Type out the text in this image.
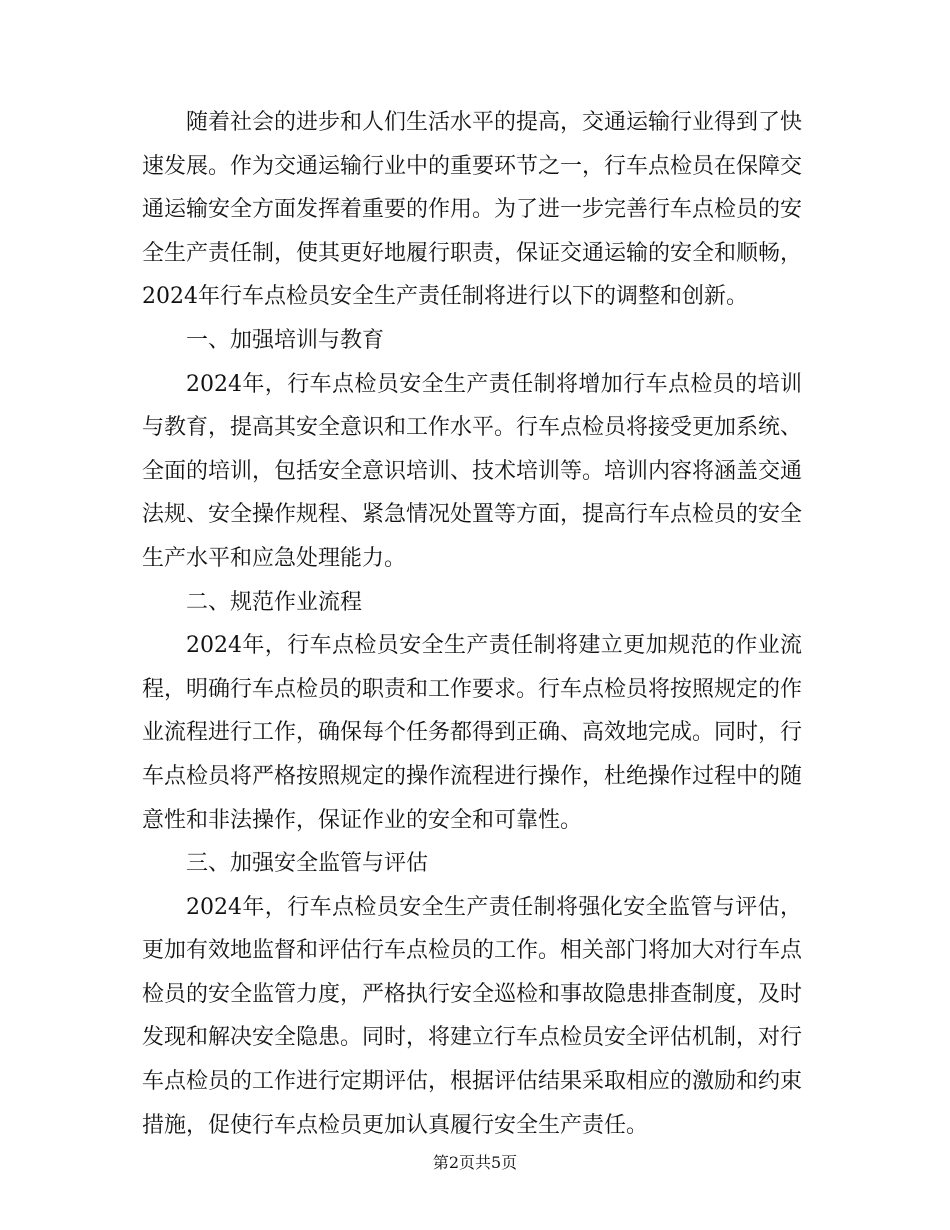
随着社会的进步和人们生活水平的提高，交通运输行业得到了快速发展。作为交通运输行业中的重要环节之一，行车点检员在保障交通运输安全方面发挥着重要的作用。为了进一步完善行车点检员的安全生产责任制，使其更好地履行职责，保证交通运输的安全和顺畅，2024年行车点检员安全生产责任制将进行以下的调整和创新。

一、加强培训与教育

2024年，行车点检员安全生产责任制将增加行车点检员的培训与教育，提高其安全意识和工作水平。行车点检员将接受更加系统、全面的培训，包括安全意识培训、技术培训等。培训内容将涵盖交通法规、安全操作规程、紧急情况处置等方面，提高行车点检员的安全生产水平和应急处理能力。

二、规范作业流程

2024年，行车点检员安全生产责任制将建立更加规范的作业流程，明确行车点检员的职责和工作要求。行车点检员将按照规定的作业流程进行工作，确保每个任务都得到正确、高效地完成。同时，行车点检员将严格按照规定的操作流程进行操作，杜绝操作过程中的随意性和非法操作，保证作业的安全和可靠性。

三、加强安全监管与评估

2024年，行车点检员安全生产责任制将强化安全监管与评估，更加有效地监督和评估行车点检员的工作。相关部门将加大对行车点检员的安全监管力度，严格执行安全巡检和事故隐患排查制度，及时发现和解决安全隐患。同时，将建立行车点检员安全评估机制，对行车点检员的工作进行定期评估，根据评估结果采取相应的激励和约束措施，促使行车点检员更加认真履行安全生产责任。

第2页共5页
